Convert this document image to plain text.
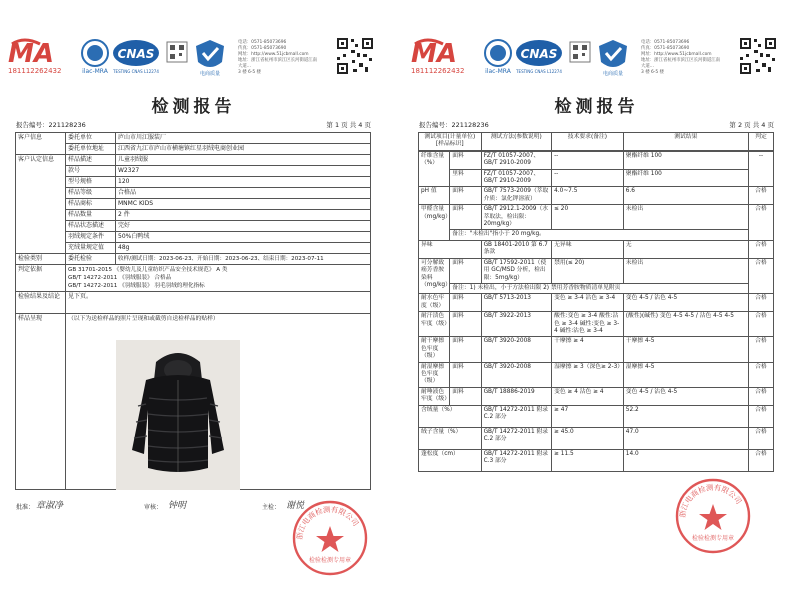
MA
181112262432	ilac-MRA
CNAS
TESTING CNAS L12274	电商质量
电话：0571-85073696
传真：0571-85073690
网址：http://www.51jcbmall.com
地址：浙江省杭州市滨江区长河街道江南大道...
3 楼 6-5 楼
检测报告
报告编号：221128236	第 1 页 共 4 页
客户信息	委托单位	庐山市川江服装厂
	委托单位地址	江西省九江市庐山市横塘镇红星羽绒电商创业园
客户认定信息	样品描述	儿童羽绒服
	款号	W2327
	型号规格	120
	样品等级	合格品
	样品商标	MNMC KIDS
	样品数量	2 件
	样品状态描述	完好
	羽绒规定条件	50%白鸭绒
	充绒量规定值	48g
检验类别	委托检验	收样/测试日期：2023-06-23、开始日期：2023-06-23、结束日期：2023-07-11
判定依据	GB 31701-2015 《婴幼儿及儿童纺织产品安全技术规范》 A 类
GB/T 14272-2011 《羽绒服装》 合格品
GB/T 14272-2011 《羽绒服装》 羽毛羽绒的理化指标	

检验结果及结论	见下页。	
样品呈现	（以下为送检样品的照片呈现和或截剪自送检样品的贴样）	
批准： 章淑净	审核： 钟明	主检： 谢悦
浙江电商检测有限公司
检验检测专用章
MA
181112262432	ilac-MRA
CNAS
TESTING CNAS L12274	电商质量
电话：0571-85073696
传真：0571-85073690
网址：http://www.51jcbmall.com
地址：浙江省杭州市滨江区长河街道江南大道...
3 楼 6-5 楼
检测报告
报告编号：221128236	第 2 页 共 4 页
测试项目(计量单位)[样品标识]		测试方法(参数说明)	技术要求(备注)	测试结果	判定

纤维含量（%）	面料	FZ/T 01057-2007、GB/T 2910-2009	--	聚酯纤维 100	--
	里料	FZ/T 01057-2007、GB/T 2910-2009	--	聚酯纤维 100	
pH 值	面料	GB/T 7573-2009（萃取介质：氯化钾溶液）	4.0~7.5	6.6	合格
甲醛含量（mg/kg）	面料	GB/T 2912.1-2009（水萃取法，检出限：20mg/kg）	≤ 20	未检出	合格
	备注："未检出"指小于 20 mg/kg。				
异味		GB 18401-2010 第 6.7 条款	无异味	无	合格
可分解致癌芳香胺染料（mg/kg）	面料	GB/T 17592-2011（使用 GC/MSD 分析，检出限：5mg/kg）	禁用(≤ 20)	未检出	合格
	备注：1) 未检出，小于方法检出限 2) 禁用芳香胺物质清单见附页				
耐水色牢度（级）	面料	GB/T 5713-2013	变色 ≥ 3-4 沾色 ≥ 3-4	变色 4-5 / 沾色 4-5	合格
耐汗渍色牢度（级）	面料	GB/T 3922-2013	酸性:变色 ≥ 3-4 酸性:沾色 ≥ 3-4 碱性:变色 ≥ 3-4 碱性:沾色 ≥ 3-4	(酸性)(碱性) 变色 4-5 4-5 / 沾色 4-5 4-5	合格
耐干摩擦色牢度（级）	面料	GB/T 3920-2008	干摩擦 ≥ 4	干摩擦 4-5	合格
耐湿摩擦色牢度（级）	面料	GB/T 3920-2008	湿摩擦 ≥ 3（深色≥ 2-3）	湿摩擦 4-5	合格
耐唾液色牢度（级）	面料	GB/T 18886-2019	变色 ≥ 4 沾色 ≥ 4	变色 4-5 / 沾色 4-5	合格
含绒量（%）		GB/T 14272-2011 附录 C.2 部分	≥ 47	52.2	合格
绒子含量（%）		GB/T 14272-2011 附录 C.2 部分	≥ 45.0	47.0	合格
蓬松度（cm）		GB/T 14272-2011 附录 C.3 部分	≥ 11.5	14.0	合格
浙江电商检测有限公司
检验检测专用章
